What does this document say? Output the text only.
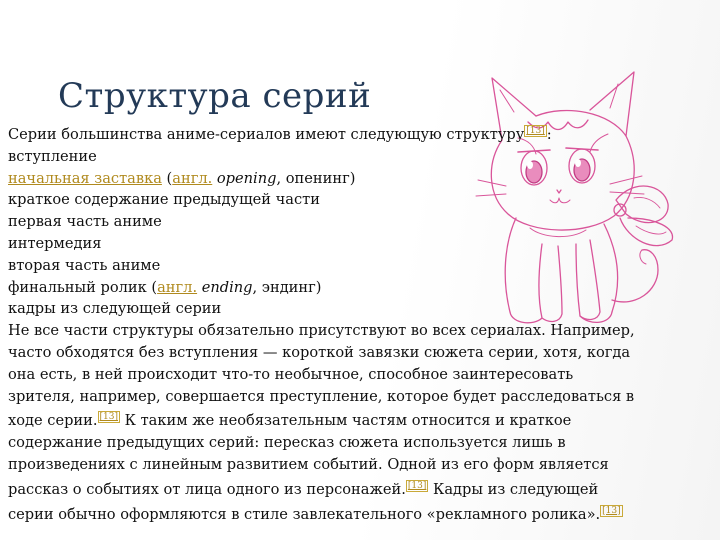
Структура серий
Серии большинства аниме-сериалов имеют следующую структуру [13] :
вступление
начальная заставка (англ. opening, опенинг)
краткое содержание предыдущей части
первая часть аниме
интермедия
вторая часть аниме
финальный ролик (англ. ending, эндинг)
кадры из следующей серии
Не все части структуры обязательно присутствуют во всех сериалах. Например,
часто обходятся без вступления — короткой завязки сюжета серии, хотя, когда
она есть, в ней происходит что-то необычное, способное заинтересовать
зрителя, например, совершается преступление, которое будет расследоваться в
ходе серии. [13] К таким же необязательным частям относится и краткое
содержание предыдущих серий: пересказ сюжета используется лишь в
произведениях с линейным развитием событий. Одной из его форм является
рассказ о событиях от лица одного из персонажей. [13] Кадры из следующей
серии обычно оформляются в стиле завлекательного «рекламного ролика». [13]
